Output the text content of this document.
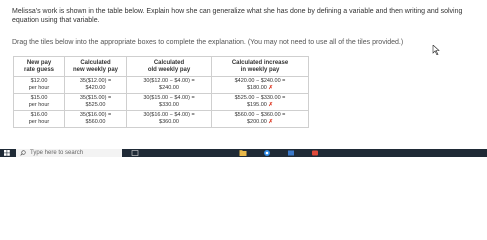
Melissa's work is shown in the table below. Explain how she can generalize what she has done by defining a variable and then writing and solving equation using that variable.
Drag the tiles below into the appropriate boxes to complete the explanation. (You may not need to use all of the tiles provided.)
New pay
rate guess	Calculated
new weekly pay	Calculated
old weekly pay	Calculated increase
in weekly pay

$12.00
per hour	35($12.00) =
$420.00	30($12.00 − $4.00) =
$240.00	$420.00 − $240.00 =
$180.00 ✗

$15.00
per hour	35($15.00) =
$525.00	30($15.00 − $4.00) =
$330.00	$525.00 − $330.00 =
$195.00 ✗

$16.00
per hour	35($16.00) =
$560.00	30($16.00 − $4.00) =
$360.00	$560.00 − $360.00 =
$200.00 ✗
Type here to search
